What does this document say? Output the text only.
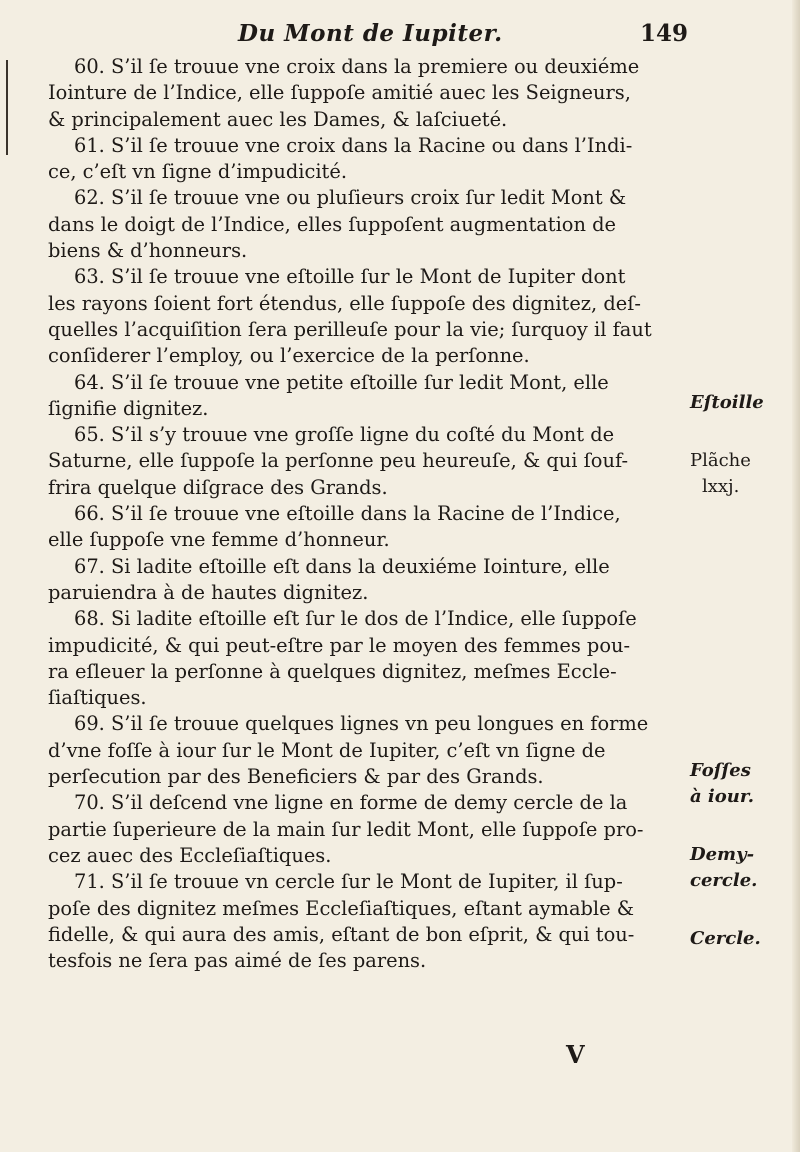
Du Mont de Iupiter.	149

60. S’il ſe trouue vne croix dans la premiere ou deuxiéme
Iointure de l’Indice, elle ſuppoſe amitié auec les Seigneurs,
& principalement auec les Dames, & laſciueté.

61. S’il ſe trouue vne croix dans la Racine ou dans l’Indi-
ce, c’eſt vn ſigne d’impudicité.

62. S’il ſe trouue vne ou pluſieurs croix ſur ledit Mont &
dans le doigt de l’Indice, elles ſuppoſent augmentation de
biens & d’honneurs.

63. S’il ſe trouue vne eſtoille ſur le Mont de Iupiter dont
les rayons ſoient fort étendus, elle ſuppoſe des dignitez, deſ-
quelles l’acquiſition ſera perilleuſe pour la vie; ſurquoy il faut
conſiderer l’employ, ou l’exercice de la perſonne.

64. S’il ſe trouue vne petite eſtoille ſur ledit Mont, elle
ſignifie dignitez.

65. S’il s’y trouue vne groſſe ligne du coſté du Mont de
Saturne, elle ſuppoſe la perſonne peu heureuſe, & qui ſouf-
frira quelque diſgrace des Grands.

66. S’il ſe trouue vne eſtoille dans la Racine de l’Indice,
elle ſuppoſe vne femme d’honneur.

67. Si ladite eſtoille eſt dans la deuxiéme Iointure, elle
paruiendra à de hautes dignitez.

68. Si ladite eſtoille eſt ſur le dos de l’Indice, elle ſuppoſe
impudicité, & qui peut-eſtre par le moyen des femmes pou-
ra eſleuer la perſonne à quelques dignitez, meſmes Eccle-
ſiaſtiques.

69. S’il ſe trouue quelques lignes vn peu longues en forme
d’vne foſſe à iour ſur le Mont de Iupiter, c’eſt vn ſigne de
perſecution par des Beneficiers & par des Grands.

70. S’il deſcend vne ligne en forme de demy cercle de la
partie ſuperieure de la main ſur ledit Mont, elle ſuppoſe pro-
cez auec des Eccleſiaſtiques.

71. S’il ſe trouue vn cercle ſur le Mont de Iupiter, il ſup-
poſe des dignitez meſmes Eccleſiaſtiques, eſtant aymable &
fidelle, & qui aura des amis, eſtant de bon eſprit, & qui tou-
tesfois ne ſera pas aimé de ſes parens.

Eſtoille
Plãche
lxxj.
Foſſes
à iour.
Demy-
cercle.
Cercle.
V
